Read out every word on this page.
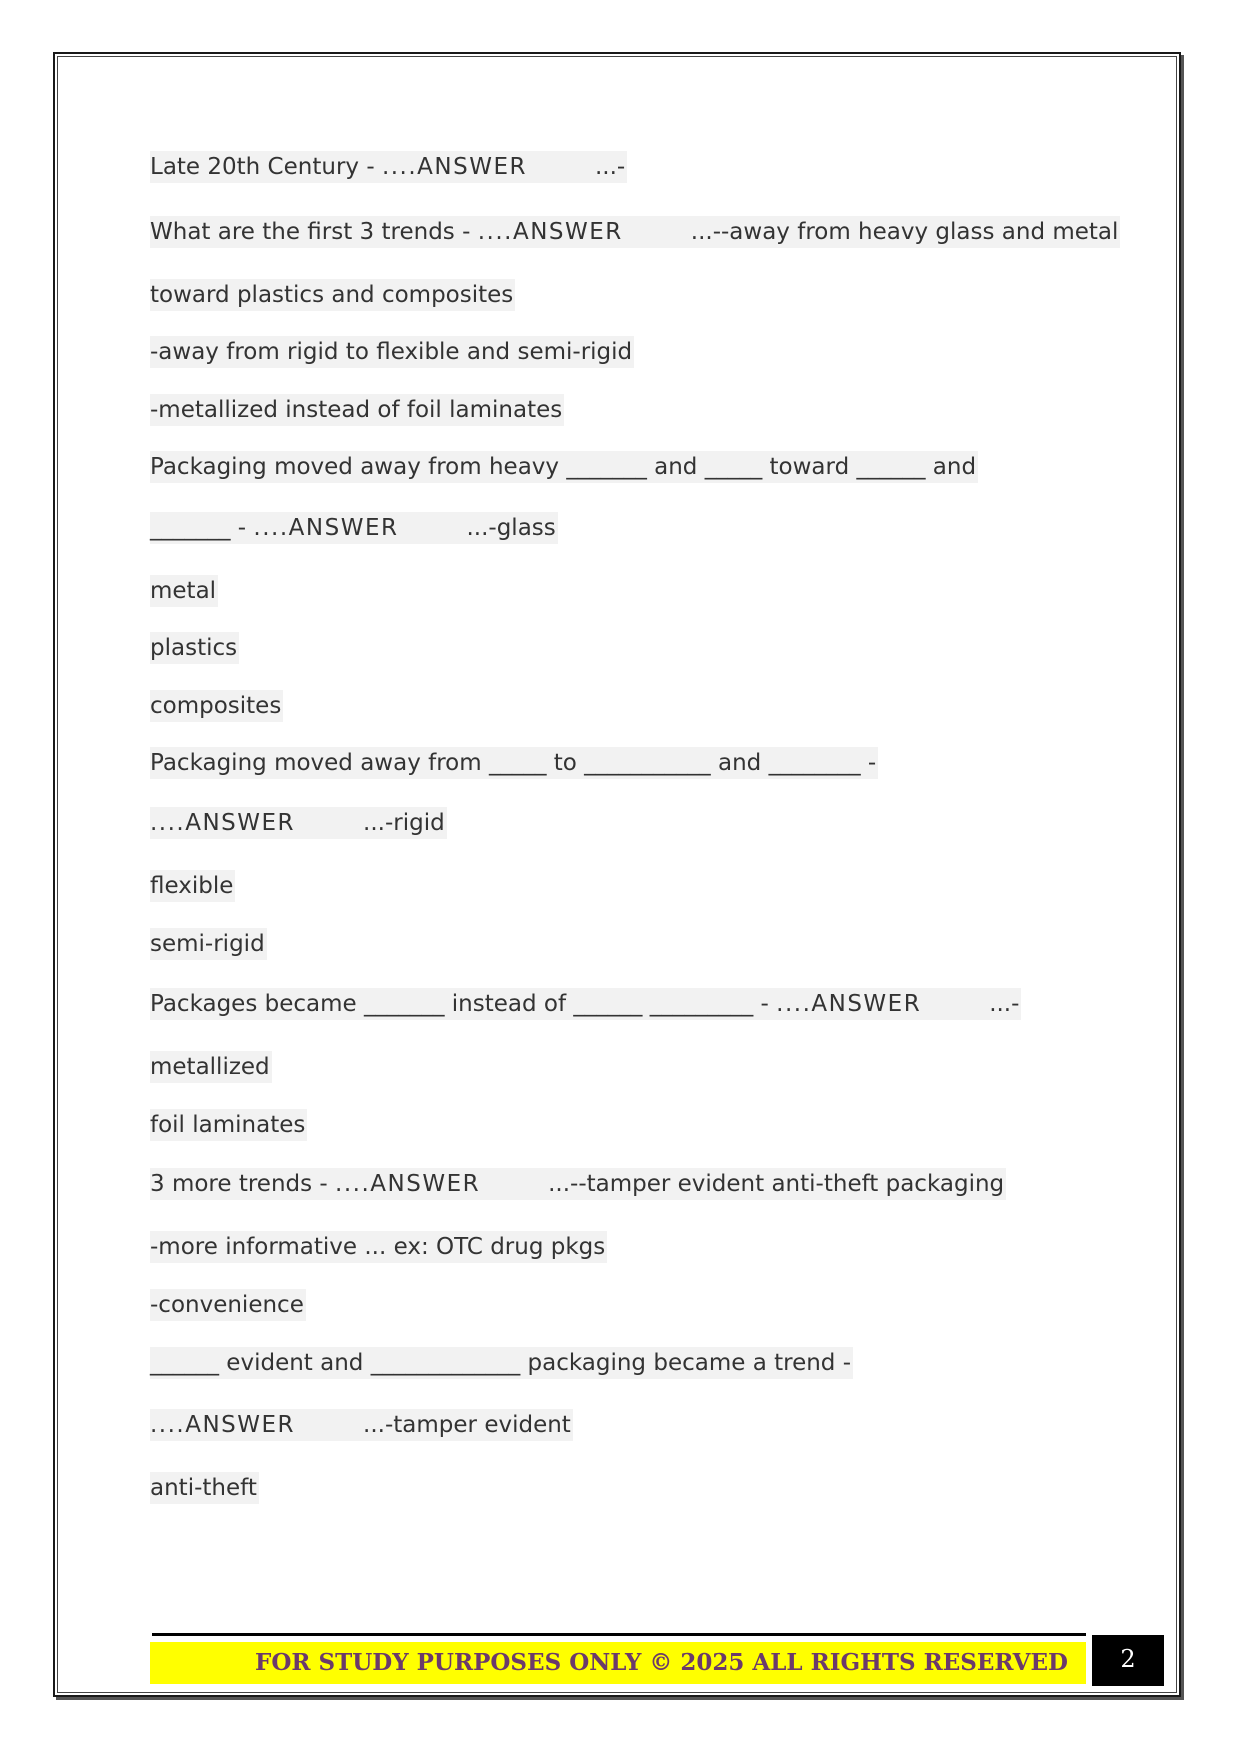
Late 20th Century - ....ANSWER	...-
What are the first 3 trends - ....ANSWER	...--away from heavy glass and metal
toward plastics and composites
-away from rigid to flexible and semi-rigid
-metallized instead of foil laminates
Packaging moved away from heavy _______ and _____ toward ______ and
_______ - ....ANSWER	...-glass
metal
plastics
composites
Packaging moved away from _____ to ___________ and ________ -
....ANSWER	...-rigid
flexible
semi-rigid
Packages became _______ instead of ______ _________ - ....ANSWER	...-
metallized
foil laminates
3 more trends - ....ANSWER	...--tamper evident anti-theft packaging
-more informative ... ex: OTC drug pkgs
-convenience
______ evident and _____________ packaging became a trend -
....ANSWER	...-tamper evident
anti-theft
FOR STUDY PURPOSES ONLY © 2025 ALL RIGHTS RESERVED	2
